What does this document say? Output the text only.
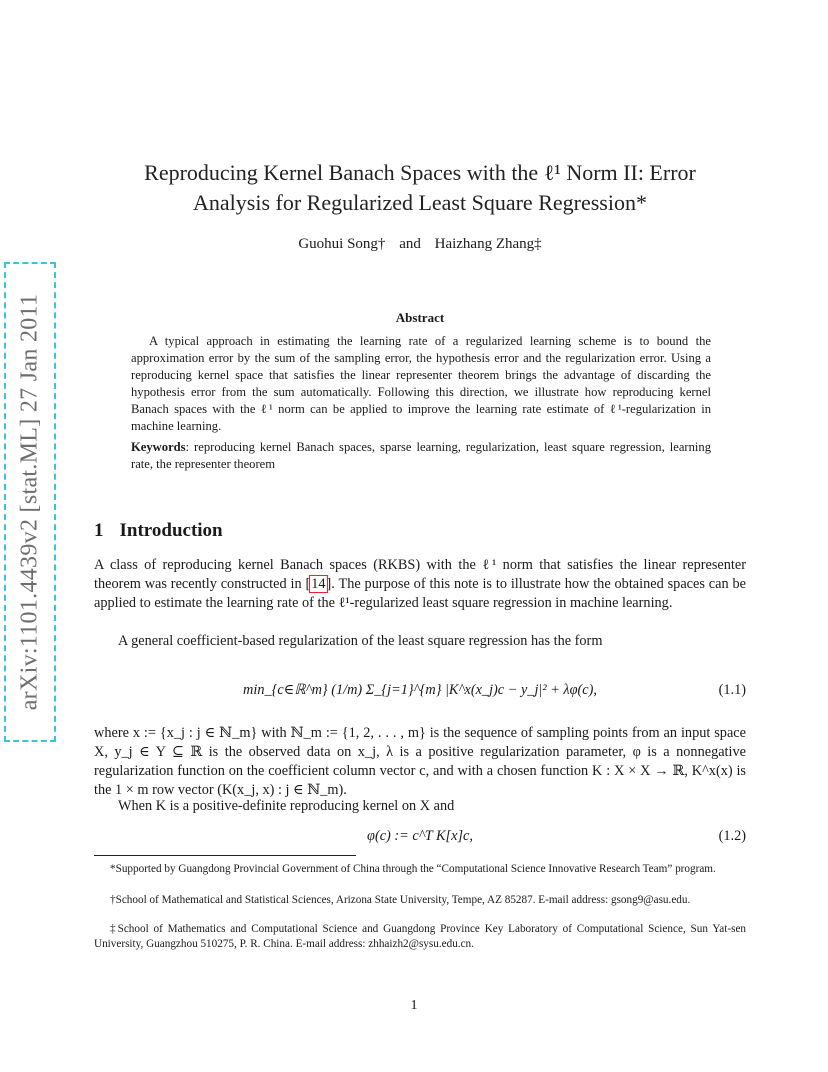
arXiv:1101.4439v2 [stat.ML] 27 Jan 2011
Reproducing Kernel Banach Spaces with the ℓ¹ Norm II: Error
Analysis for Regularized Least Square Regression*
Guohui Song† and Haizhang Zhang‡
Abstract
A typical approach in estimating the learning rate of a regularized learning scheme is to bound the approximation error by the sum of the sampling error, the hypothesis error and the regularization error. Using a reproducing kernel space that satisfies the linear representer theorem brings the advantage of discarding the hypothesis error from the sum automatically. Following this direction, we illustrate how reproducing kernel Banach spaces with the ℓ¹ norm can be applied to improve the learning rate estimate of ℓ¹-regularization in machine learning.
Keywords: reproducing kernel Banach spaces, sparse learning, regularization, least square regression, learning rate, the representer theorem
1 Introduction
A class of reproducing kernel Banach spaces (RKBS) with the ℓ¹ norm that satisfies the linear representer theorem was recently constructed in [14]. The purpose of this note is to illustrate how the obtained spaces can be applied to estimate the learning rate of the ℓ¹-regularized least square regression in machine learning.
A general coefficient-based regularization of the least square regression has the form
min_{c∈ℝ^m} (1/m) Σ_{j=1}^{m} |K^x(x_j)c − y_j|² + λφ(c),	(1.1)
where x := {x_j : j ∈ ℕ_m} with ℕ_m := {1, 2, . . . , m} is the sequence of sampling points from an input space X, y_j ∈ Y ⊆ ℝ is the observed data on x_j, λ is a positive regularization parameter, φ is a nonnegative regularization function on the coefficient column vector c, and with a chosen function K : X × X → ℝ, K^x(x) is the 1 × m row vector (K(x_j, x) : j ∈ ℕ_m).
When K is a positive-definite reproducing kernel on X and
φ(c) := c^T K[x]c,	(1.2)
*Supported by Guangdong Provincial Government of China through the “Computational Science Innovative Research Team” program.
†School of Mathematical and Statistical Sciences, Arizona State University, Tempe, AZ 85287. E-mail address: gsong9@asu.edu.
‡School of Mathematics and Computational Science and Guangdong Province Key Laboratory of Computational Science, Sun Yat-sen University, Guangzhou 510275, P. R. China. E-mail address: zhhaizh2@sysu.edu.cn.
1
